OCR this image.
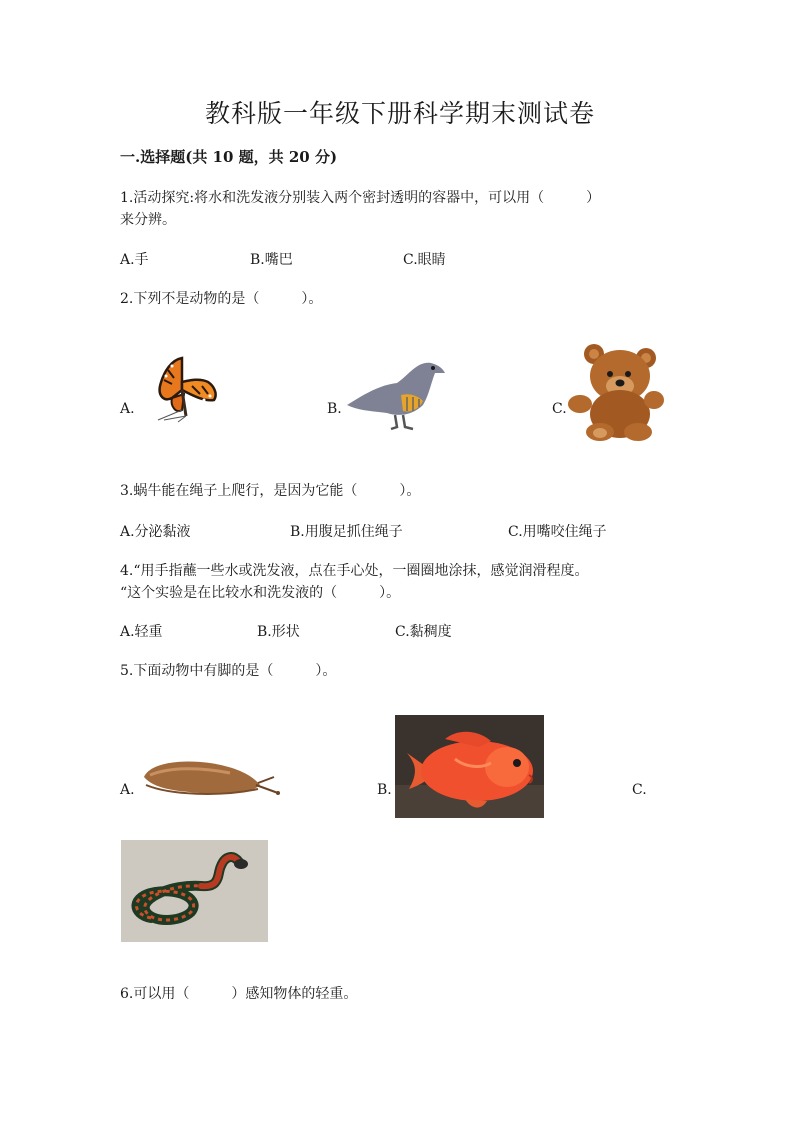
教科版一年级下册科学期末测试卷
一.选择题(共 10 题，共 20 分)
1.活动探究:将水和洗发液分别装入两个密封透明的容器中，可以用（　　　）
来分辨。
A.手	B.嘴巴	C.眼睛
2.下列不是动物的是（　　　）。
A.	B.	C.
3.蜗牛能在绳子上爬行，是因为它能（　　　）。
A.分泌黏液	B.用腹足抓住绳子	C.用嘴咬住绳子
4.“用手指蘸一些水或洗发液，点在手心处，一圈圈地涂抹，感觉润滑程度。
“这个实验是在比较水和洗发液的（　　　）。
A.轻重	B.形状	C.黏稠度
5.下面动物中有脚的是（　　　）。
A.	B.	C.
6.可以用（　　　）感知物体的轻重。
